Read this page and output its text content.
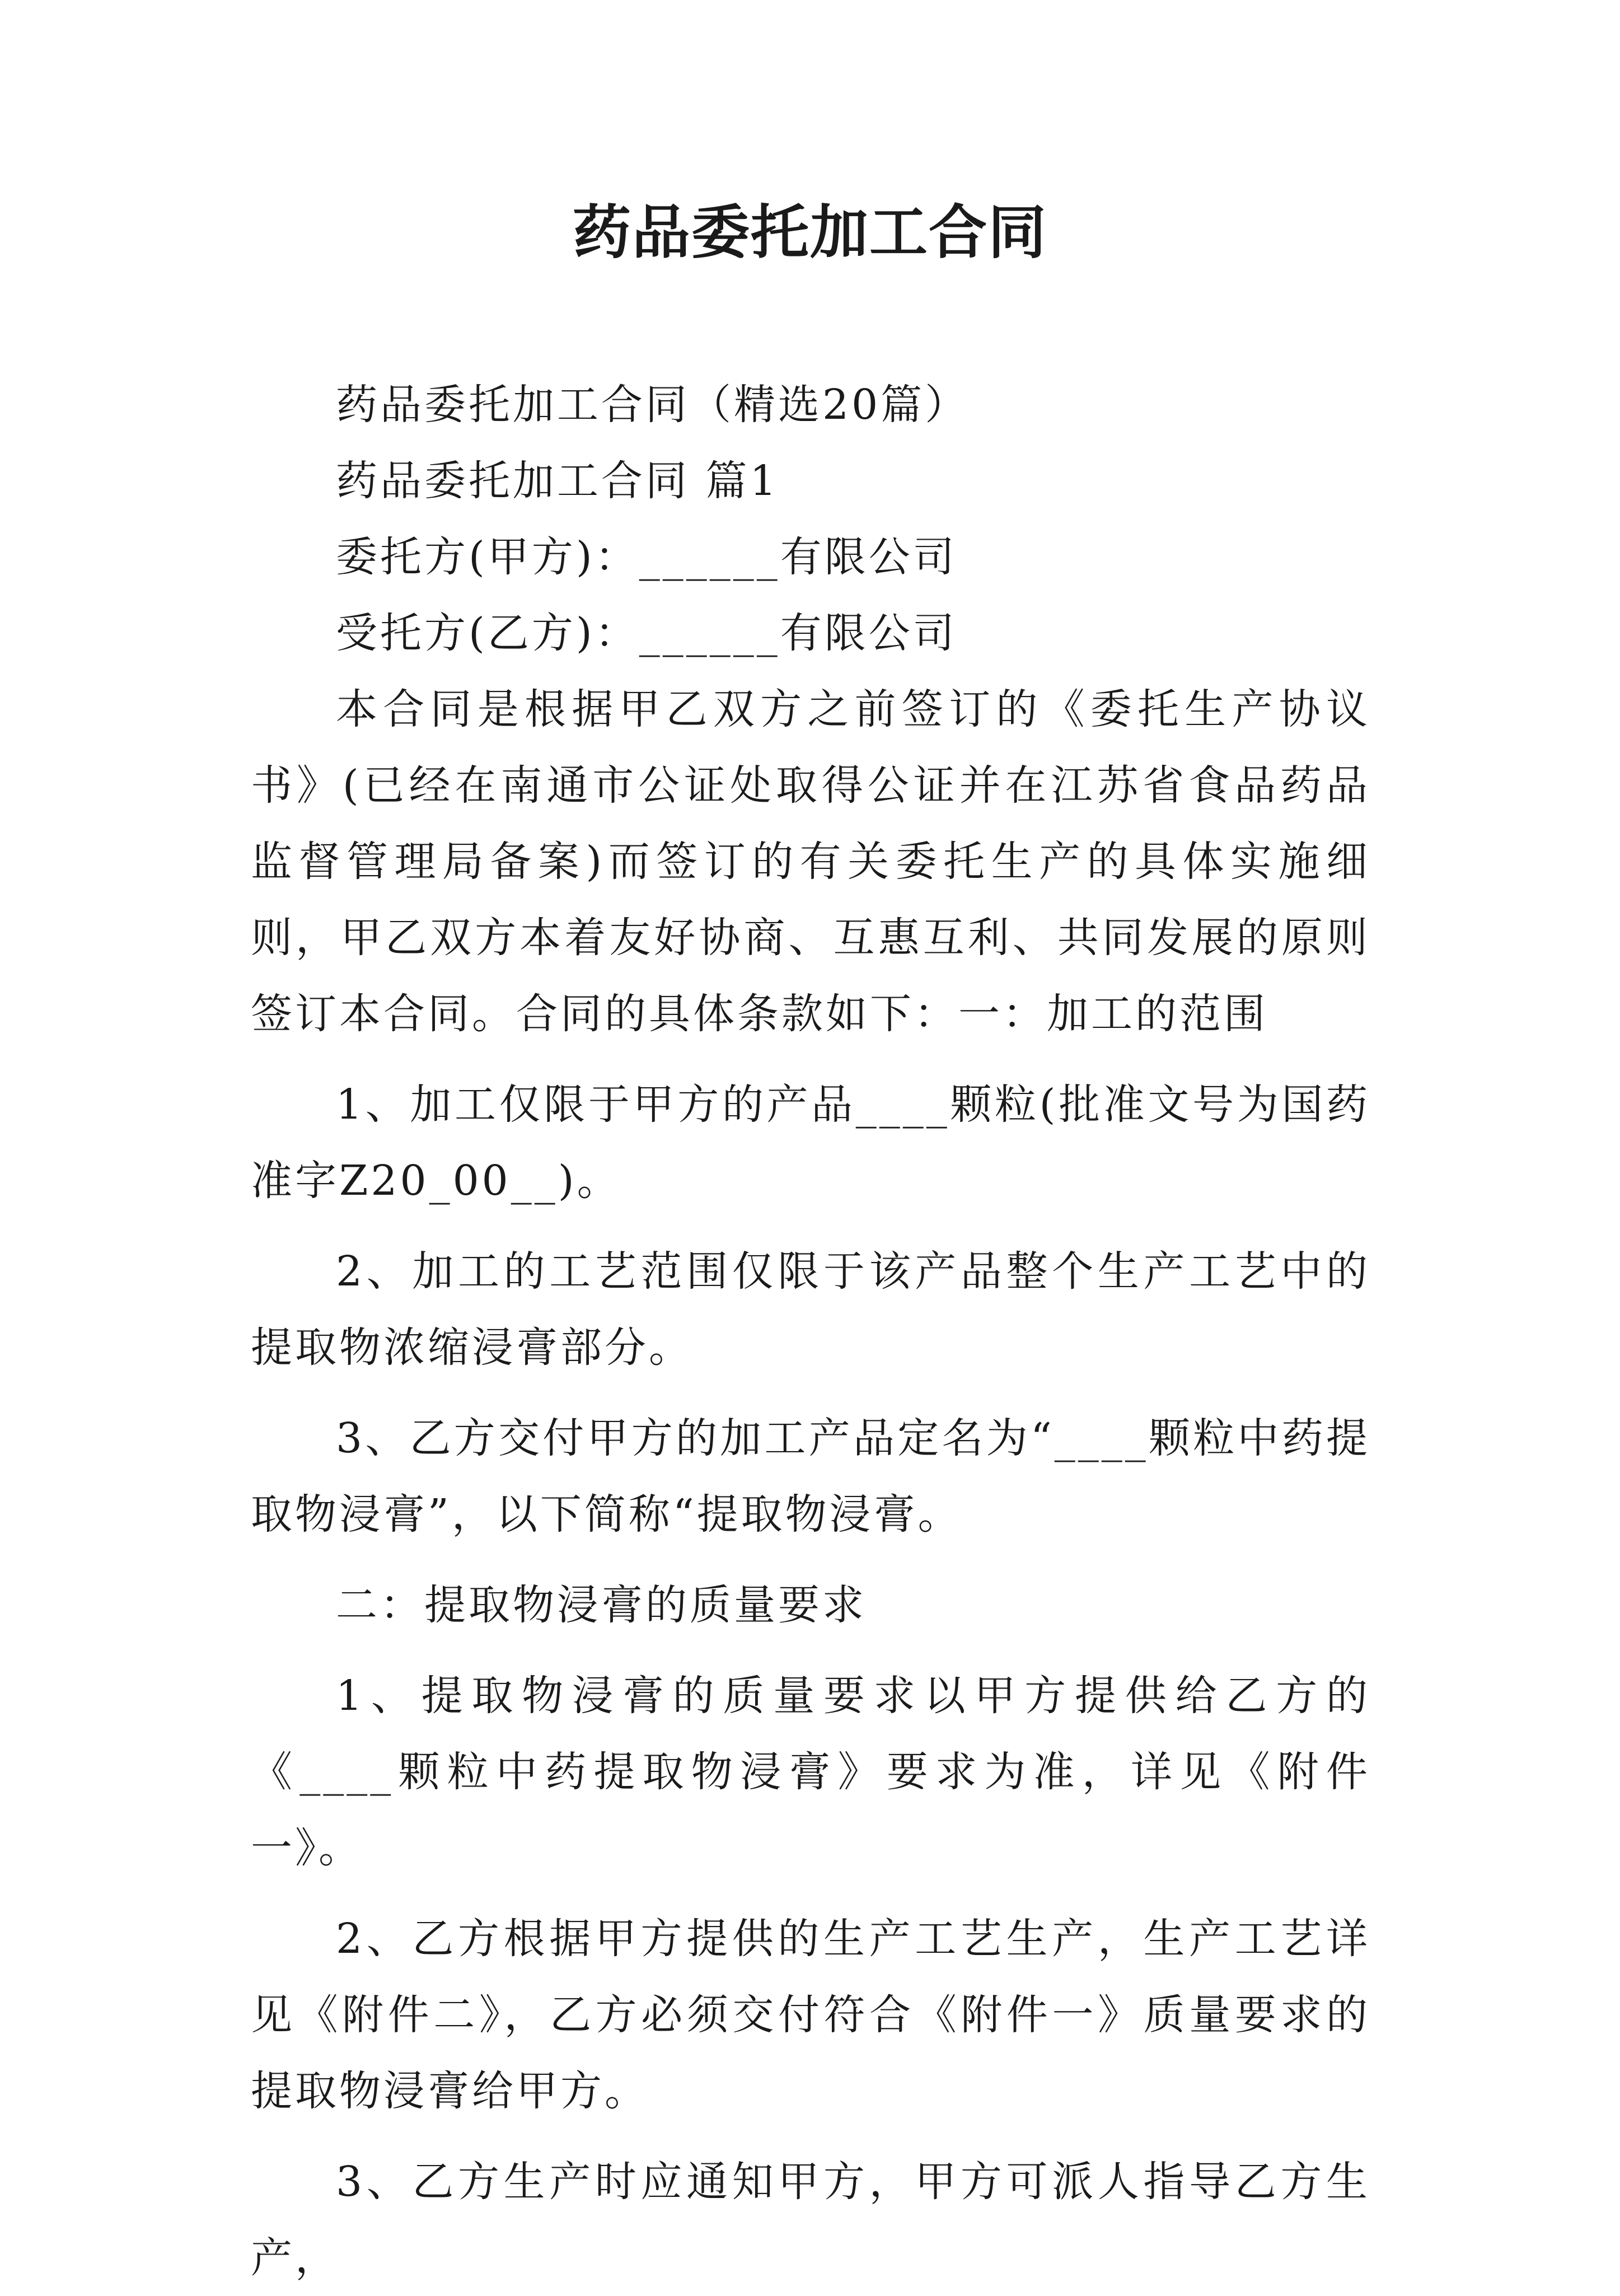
药品委托加工合同

药品委托加工合同（精选20篇）

药品委托加工合同 篇1

委托方(甲方)：______有限公司

受托方(乙方)：______有限公司

本合同是根据甲乙双方之前签订的《委托生产协议书》(已经在南通市公证处取得公证并在江苏省食品药品监督管理局备案)而签订的有关委托生产的具体实施细则，甲乙双方本着友好协商、互惠互利、共同发展的原则签订本合同。合同的具体条款如下：一：加工的范围

1、加工仅限于甲方的产品____颗粒(批准文号为国药准字Z20_00__)。

2、加工的工艺范围仅限于该产品整个生产工艺中的提取物浓缩浸膏部分。

3、乙方交付甲方的加工产品定名为“____颗粒中药提取物浸膏”，以下简称“提取物浸膏。

二：提取物浸膏的质量要求

1、提取物浸膏的质量要求以甲方提供给乙方的《____颗粒中药提取物浸膏》要求为准，详见《附件一》。

2、乙方根据甲方提供的生产工艺生产，生产工艺详见《附件二》，乙方必须交付符合《附件一》质量要求的提取物浸膏给甲方。

3、乙方生产时应通知甲方，甲方可派人指导乙方生产，
